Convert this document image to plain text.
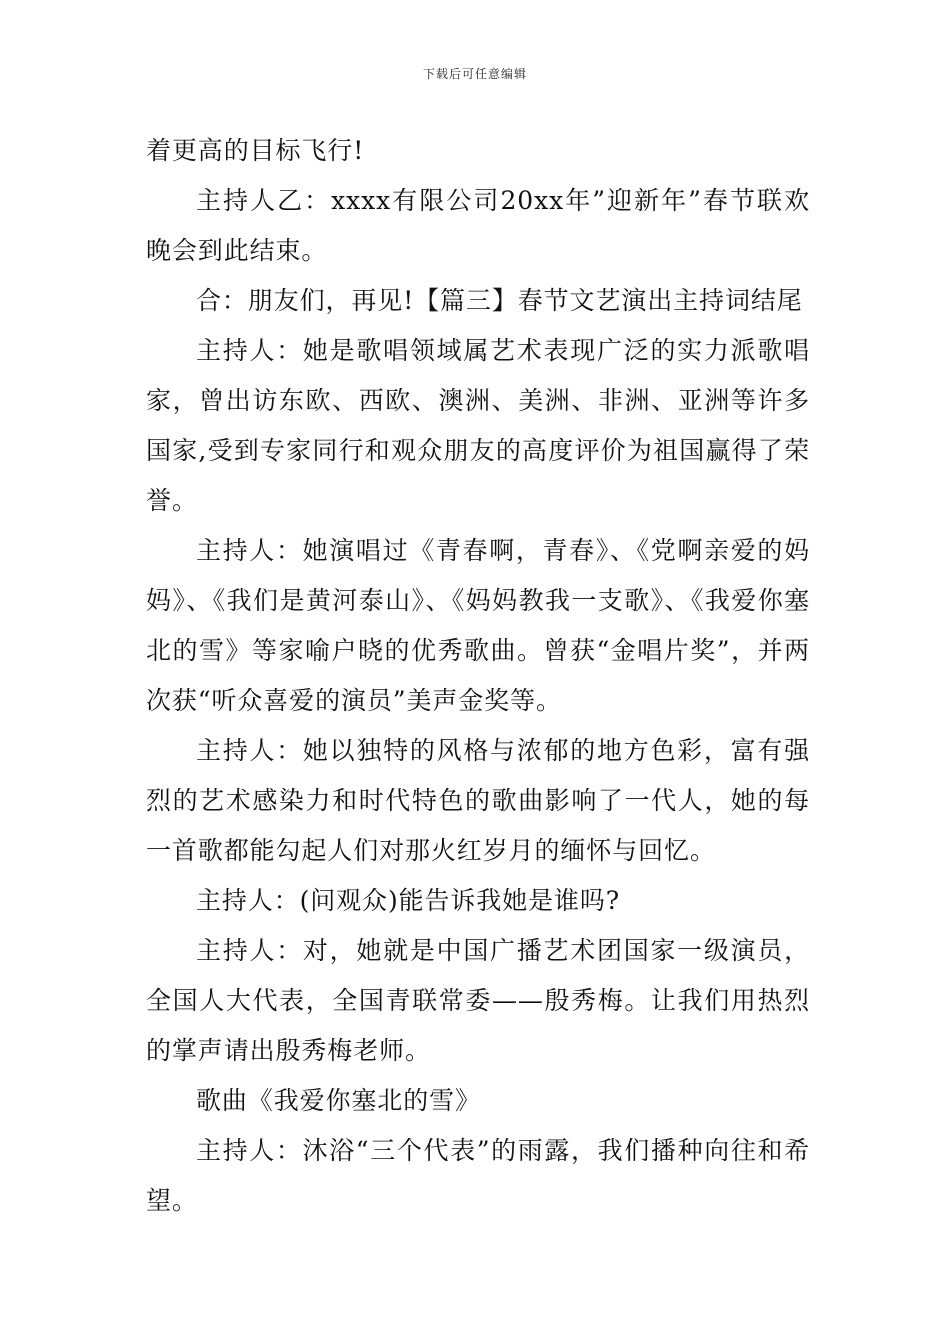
下载后可任意编辑

着更高的目标飞行!

主持人乙：xxxx有限公司20xx年”迎新年”春节联欢晚会到此结束。

合：朋友们，再见!【篇三】春节文艺演出主持词结尾

主持人：她是歌唱领域属艺术表现广泛的实力派歌唱家，曾出访东欧、西欧、澳洲、美洲、非洲、亚洲等许多国家,受到专家同行和观众朋友的高度评价为祖国赢得了荣誉。

主持人：她演唱过《青春啊，青春》、《党啊亲爱的妈妈》、《我们是黄河泰山》、《妈妈教我一支歌》、《我爱你塞北的雪》等家喻户晓的优秀歌曲。曾获“金唱片奖”，并两次获“听众喜爱的演员”美声金奖等。

主持人：她以独特的风格与浓郁的地方色彩，富有强烈的艺术感染力和时代特色的歌曲影响了一代人，她的每一首歌都能勾起人们对那火红岁月的缅怀与回忆。

主持人：(问观众)能告诉我她是谁吗?

主持人：对，她就是中国广播艺术团国家一级演员，全国人大代表，全国青联常委——殷秀梅。让我们用热烈的掌声请出殷秀梅老师。

歌曲《我爱你塞北的雪》

主持人：沐浴“三个代表”的雨露，我们播种向往和希望。
